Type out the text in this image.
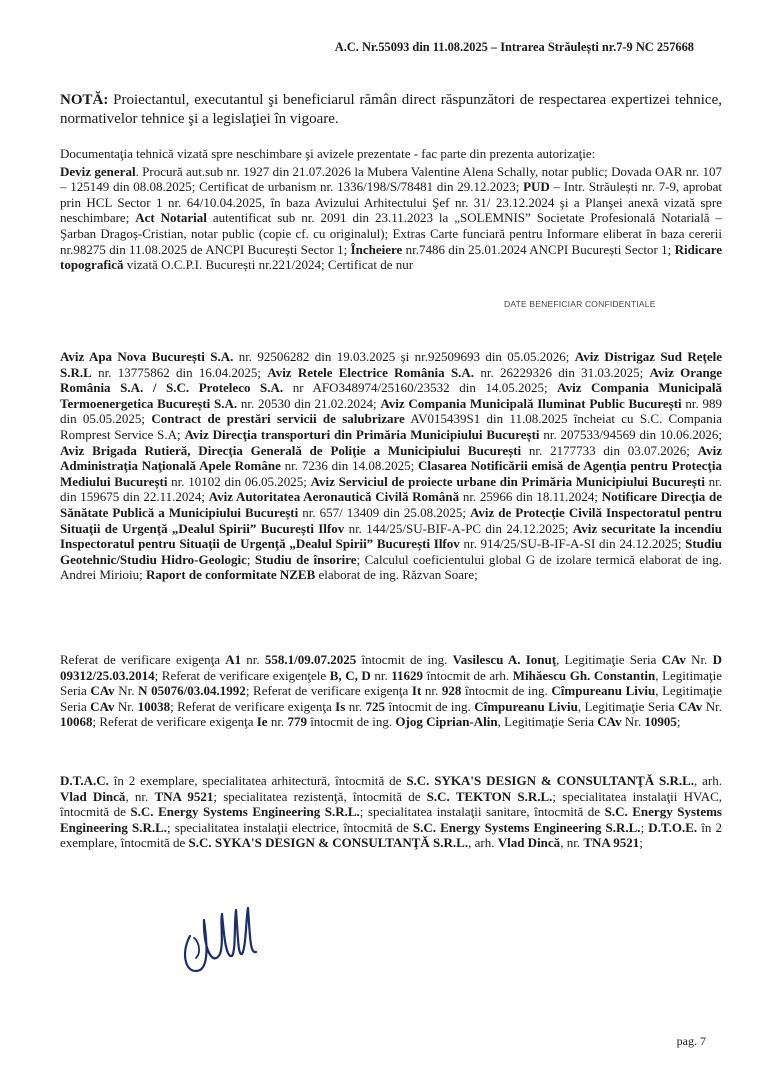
A.C. Nr.55093 din 11.08.2025 – Intrarea Străulești nr.7-9 NC 257668
NOTĂ: Proiectantul, executantul şi beneficiarul rămân direct răspunzători de respectarea expertizei tehnice, normativelor tehnice şi a legislaţiei în vigoare.

Documentaţia tehnică vizată spre neschimbare şi avizele prezentate - fac parte din prezenta autorizaţie:

Deviz general. Procură aut.sub nr. 1927 din 21.07.2026 la Mubera Valentine Alena Schally, notar public; Dovada OAR nr. 107 – 125149 din 08.08.2025; Certificat de urbanism nr. 1336/198/S/78481 din 29.12.2023; PUD – Intr. Străulești nr. 7-9, aprobat prin HCL Sector 1 nr. 64/10.04.2025, în baza Avizului Arhitectului Şef nr. 31/ 23.12.2024 şi a Planşei anexă vizată spre neschimbare; Act Notarial autentificat sub nr. 2091 din 23.11.2023 la „SOLEMNIS” Societate Profesională Notarială – Şarban Dragoș-Cristian, notar public (copie cf. cu originalul); Extras Carte funciară pentru Informare eliberat în baza cererii nr.98275 din 11.08.2025 de ANCPI București Sector 1; Încheiere nr.7486 din 25.01.2024 ANCPI București Sector 1; Ridicare topografică vizată O.C.P.I. București nr.221/2024; Certificat de nur

DATE BENEFICIAR CONFIDENTIALE

Aviz Apa Nova București S.A. nr. 92506282 din 19.03.2025 și nr.92509693 din 05.05.2026; Aviz Distrigaz Sud Reţele S.R.L nr. 13775862 din 16.04.2025; Aviz Retele Electrice România S.A. nr. 26229326 din 31.03.2025; Aviz Orange România S.A. / S.C. Proteleco S.A. nr AFO348974/25160/23532 din 14.05.2025; Aviz Compania Municipală Termoenergetica București S.A. nr. 20530 din 21.02.2024; Aviz Compania Municipală Iluminat Public București nr. 989 din 05.05.2025; Contract de prestări servicii de salubrizare AV015439S1 din 11.08.2025 încheiat cu S.C. Compania Romprest Service S.A; Aviz Direcţia transporturi din Primăria Municipiului București nr. 207533/94569 din 10.06.2026; Aviz Brigada Rutieră, Direcţia Generală de Poliţie a Municipiului București nr. 2177733 din 03.07.2026; Aviz Administraţia Naţională Apele Române nr. 7236 din 14.08.2025; Clasarea Notificării emisă de Agenţia pentru Protecţia Mediului București nr. 10102 din 06.05.2025; Aviz Serviciul de proiecte urbane din Primăria Municipiului București nr. din 159675 din 22.11.2024; Aviz Autoritatea Aeronautică Civilă Română nr. 25966 din 18.11.2024; Notificare Direcţia de Sănătate Publică a Municipiului București nr. 657/ 13409 din 25.08.2025; Aviz de Protecţie Civilă Inspectoratul pentru Situaţii de Urgenţă „Dealul Spirii” București Ilfov nr. 144/25/SU-BIF-A-PC din 24.12.2025; Aviz securitate la incendiu Inspectoratul pentru Situaţii de Urgenţă „Dealul Spirii” București Ilfov nr. 914/25/SU-B-IF-A-SI din 24.12.2025; Studiu Geotehnic/Studiu Hidro-Geologic; Studiu de însorire; Calculul coeficientului global G de izolare termică elaborat de ing. Andrei Mirioiu; Raport de conformitate NZEB elaborat de ing. Răzvan Soare;

Referat de verificare exigenţa A1 nr. 558.1/09.07.2025 întocmit de ing. Vasilescu A. Ionuţ, Legitimaţie Seria CAv Nr. D 09312/25.03.2014; Referat de verificare exigenţele B, C, D nr. 11629 întocmit de arh. Mihăescu Gh. Constantin, Legitimaţie Seria CAv Nr. N 05076/03.04.1992; Referat de verificare exigenţa It nr. 928 întocmit de ing. Cîmpureanu Liviu, Legitimaţie Seria CAv Nr. 10038; Referat de verificare exigenţa Is nr. 725 întocmit de ing. Cîmpureanu Liviu, Legitimaţie Seria CAv Nr. 10068; Referat de verificare exigenţa Ie nr. 779 întocmit de ing. Ojog Ciprian-Alin, Legitimaţie Seria CAv Nr. 10905;

D.T.A.C. în 2 exemplare, specialitatea arhitectură, întocmită de S.C. SYKA'S DESIGN & CONSULTANŢĂ S.R.L., arh. Vlad Dincă, nr. TNA 9521; specialitatea rezistenţă, întocmită de S.C. TEKTON S.R.L.; specialitatea instalaţii HVAC, întocmită de S.C. Energy Systems Engineering S.R.L.; specialitatea instalaţii sanitare, întocmită de S.C. Energy Systems Engineering S.R.L.; specialitatea instalaţii electrice, întocmită de S.C. Energy Systems Engineering S.R.L.; D.T.O.E. în 2 exemplare, întocmită de S.C. SYKA'S DESIGN & CONSULTANŢĂ S.R.L., arh. Vlad Dincă, nr. TNA 9521;

pag. 7
